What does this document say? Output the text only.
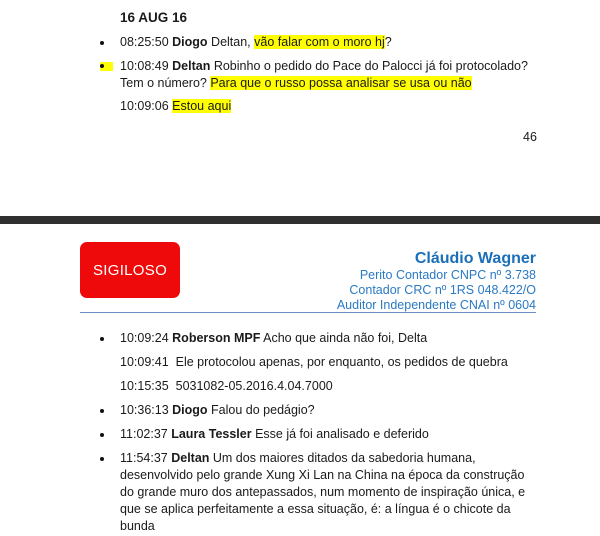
16 AUG 16
08:25:50 Diogo Deltan, vão falar com o moro hj?
10:08:49 Deltan Robinho o pedido do Pace do Palocci já foi protocolado?
Tem o número? Para que o russo possa analisar se usa ou não
10:09:06 Estou aqui
46
SIGILOSO
Cláudio Wagner
Perito Contador CNPC nº 3.738
Contador CRC nº 1RS 048.422/O
Auditor Independente CNAI nº 0604
10:09:24 Roberson MPF Acho que ainda não foi, Delta
10:09:41 Ele protocolou apenas, por enquanto, os pedidos de quebra
10:15:35 5031082-05.2016.4.04.7000
10:36:13 Diogo Falou do pedágio?
11:02:37 Laura Tessler Esse já foi analisado e deferido
11:54:37 Deltan Um dos maiores ditados da sabedoria humana,
desenvolvido pelo grande Xung Xi Lan na China na época da construção
do grande muro dos antepassados, num momento de inspiração única, e
que se aplica perfeitamente a essa situação, é: a língua é o chicote da
bunda
